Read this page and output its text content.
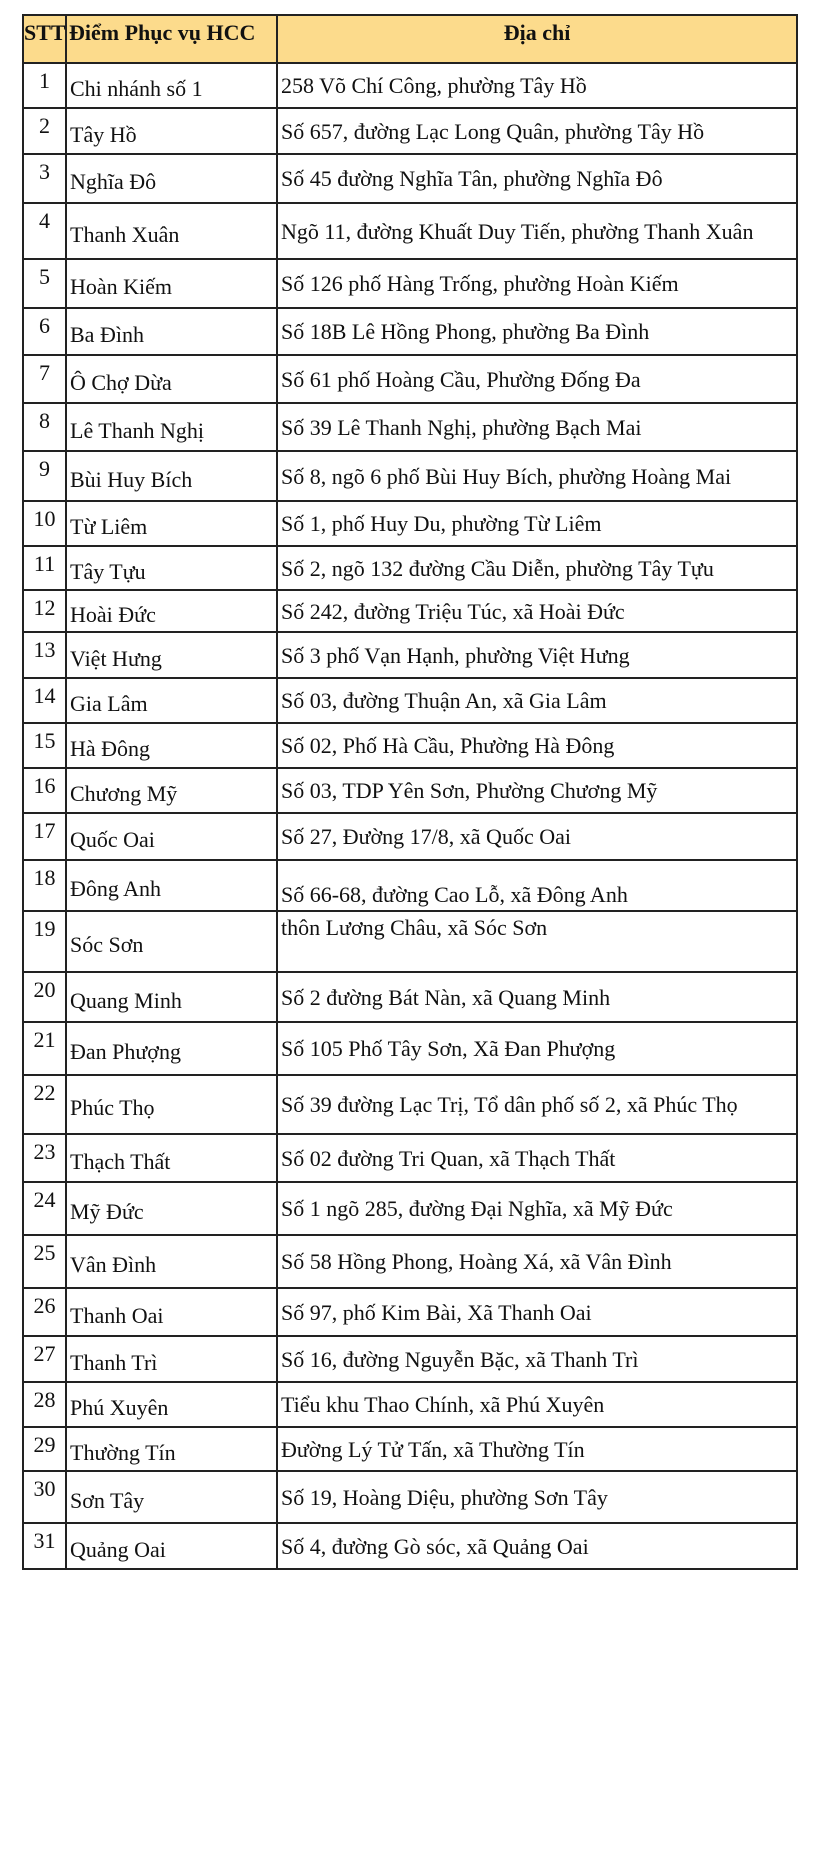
STT	Điểm Phục vụ HCC	Địa chỉ
1	Chi nhánh số 1	258 Võ Chí Công, phường Tây Hồ
2	Tây Hồ	Số 657, đường Lạc Long Quân, phường Tây Hồ
3	Nghĩa Đô	Số 45 đường Nghĩa Tân, phường Nghĩa Đô
4	Thanh Xuân	Ngõ 11, đường Khuất Duy Tiến, phường Thanh Xuân
5	Hoàn Kiếm	Số 126 phố Hàng Trống, phường Hoàn Kiếm
6	Ba Đình	Số 18B Lê Hồng Phong, phường Ba Đình
7	Ô Chợ Dừa	Số 61 phố Hoàng Cầu, Phường Đống Đa
8	Lê Thanh Nghị	Số 39 Lê Thanh Nghị, phường Bạch Mai
9	Bùi Huy Bích	Số 8, ngõ 6 phố Bùi Huy Bích, phường Hoàng Mai
10	Từ Liêm	Số 1, phố Huy Du, phường Từ Liêm
11	Tây Tựu	Số 2, ngõ 132 đường Cầu Diễn, phường Tây Tựu
12	Hoài Đức	Số 242, đường Triệu Túc, xã Hoài Đức
13	Việt Hưng	Số 3 phố Vạn Hạnh, phường Việt Hưng
14	Gia Lâm	Số 03, đường Thuận An, xã Gia Lâm
15	Hà Đông	Số 02, Phố Hà Cầu, Phường Hà Đông
16	Chương Mỹ	Số 03, TDP Yên Sơn, Phường Chương Mỹ
17	Quốc Oai	Số 27, Đường 17/8, xã Quốc Oai
18	Đông Anh	Số 66-68, đường Cao Lỗ, xã Đông Anh
19	Sóc Sơn	thôn Lương Châu, xã Sóc Sơn
20	Quang Minh	Số 2 đường Bát Nàn, xã Quang Minh
21	Đan Phượng	Số 105 Phố Tây Sơn, Xã Đan Phượng
22	Phúc Thọ	Số 39 đường Lạc Trị, Tổ dân phố số 2, xã Phúc Thọ
23	Thạch Thất	Số 02 đường Tri Quan, xã Thạch Thất
24	Mỹ Đức	Số 1 ngõ 285, đường Đại Nghĩa, xã Mỹ Đức
25	Vân Đình	Số 58 Hồng Phong, Hoàng Xá, xã Vân Đình
26	Thanh Oai	Số 97, phố Kim Bài, Xã Thanh Oai
27	Thanh Trì	Số 16, đường Nguyễn Bặc, xã Thanh Trì
28	Phú Xuyên	Tiểu khu Thao Chính, xã Phú Xuyên
29	Thường Tín	Đường Lý Tử Tấn, xã Thường Tín
30	Sơn Tây	Số 19, Hoàng Diệu, phường Sơn Tây
31	Quảng Oai	Số 4, đường Gò sóc, xã Quảng Oai
